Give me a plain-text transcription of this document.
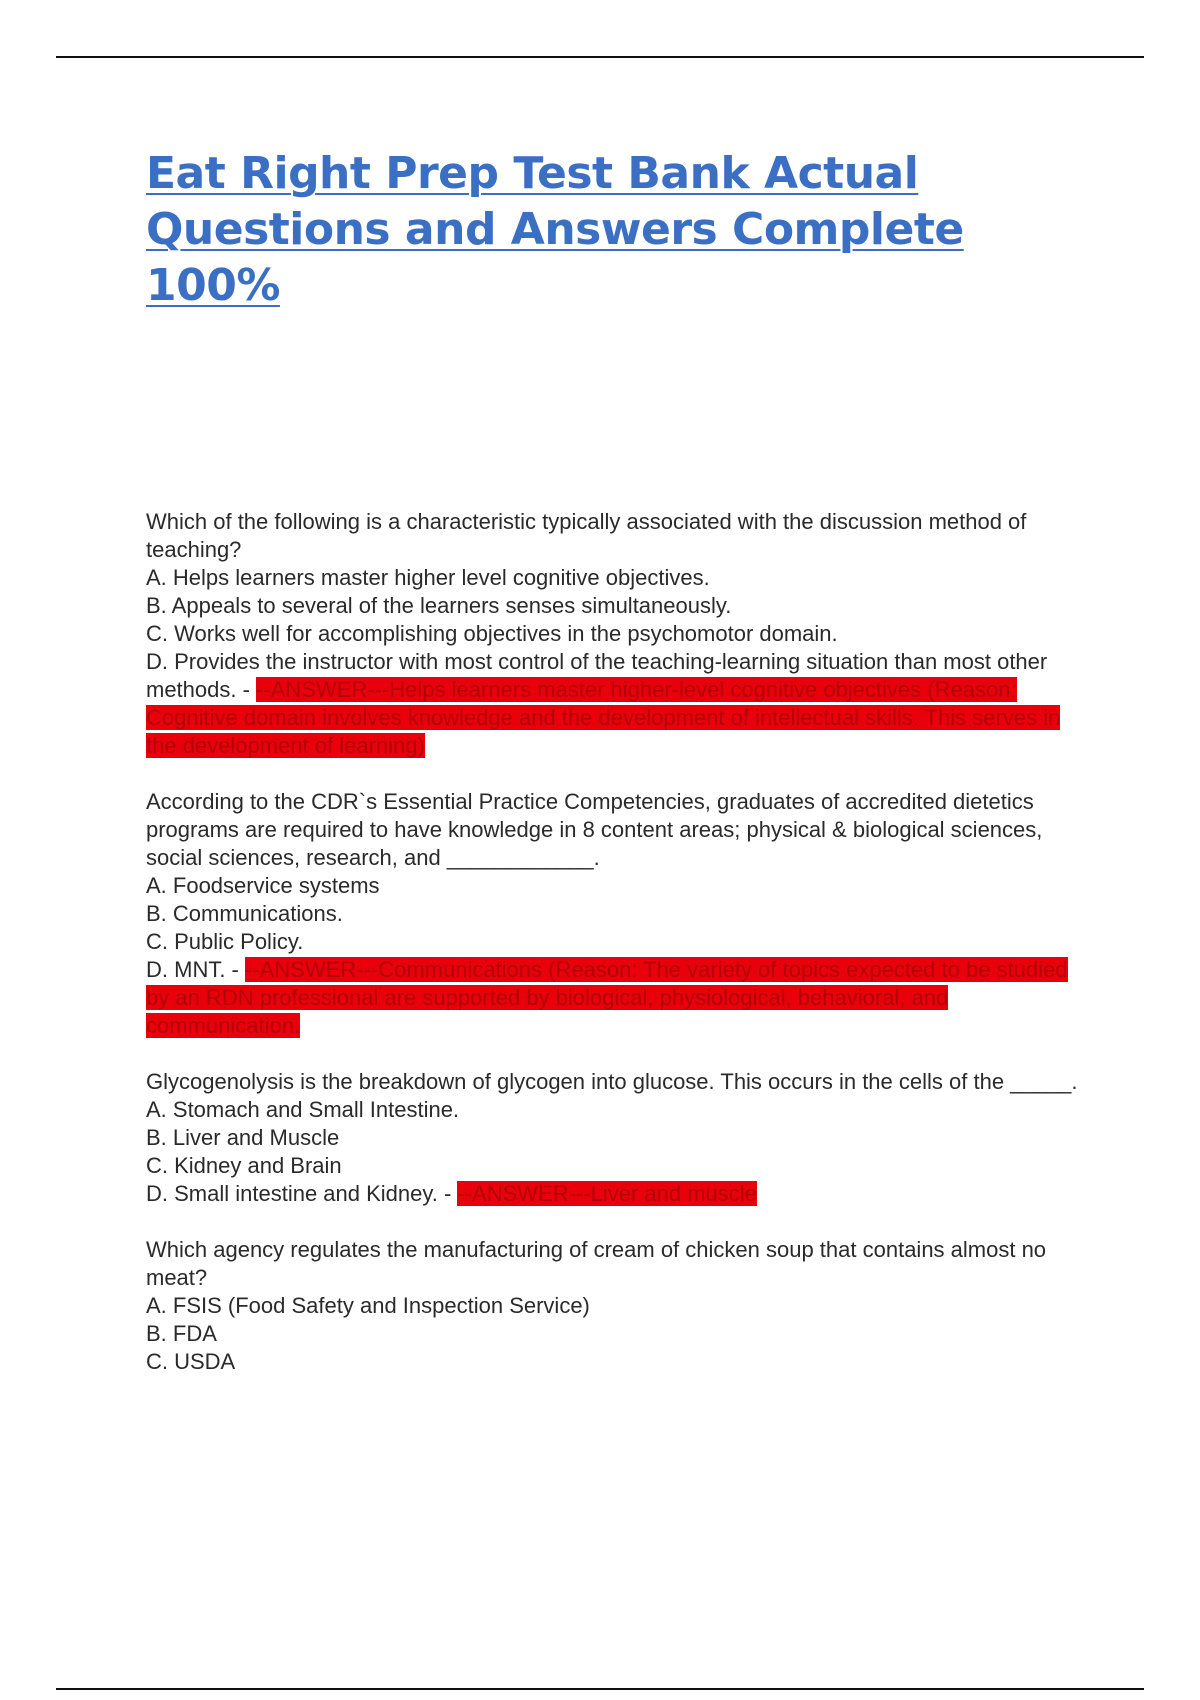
Eat Right Prep Test Bank Actual
Questions and Answers Complete 100%

Which of the following is a characteristic typically associated with the discussion method of teaching?

A. Helps learners master higher level cognitive objectives.

B. Appeals to several of the learners senses simultaneously.

C. Works well for accomplishing objectives in the psychomotor domain.

D. Provides the instructor with most control of the teaching-learning situation than most other methods. - --ANSWER---Helps learners master higher-level cognitive objectives (Reason: Cognitive domain involves knowledge and the development of intellectual skills. This serves in the development of learning)

According to the CDR`s Essential Practice Competencies, graduates of accredited dietetics programs are required to have knowledge in 8 content areas; physical & biological sciences, social sciences, research, and ____________.

A. Foodservice systems

B. Communications.

C. Public Policy.

D. MNT. - --ANSWER---Communications (Reason: The variety of topics expected to be studied by an RDN professional are supported by biological, physiological, behavioral, and communication.

Glycogenolysis is the breakdown of glycogen into glucose. This occurs in the cells of the _____.

A. Stomach and Small Intestine.

B. Liver and Muscle

C. Kidney and Brain

D. Small intestine and Kidney. - --ANSWER---Liver and muscle

Which agency regulates the manufacturing of cream of chicken soup that contains almost no meat?

A. FSIS (Food Safety and Inspection Service)

B. FDA

C. USDA
